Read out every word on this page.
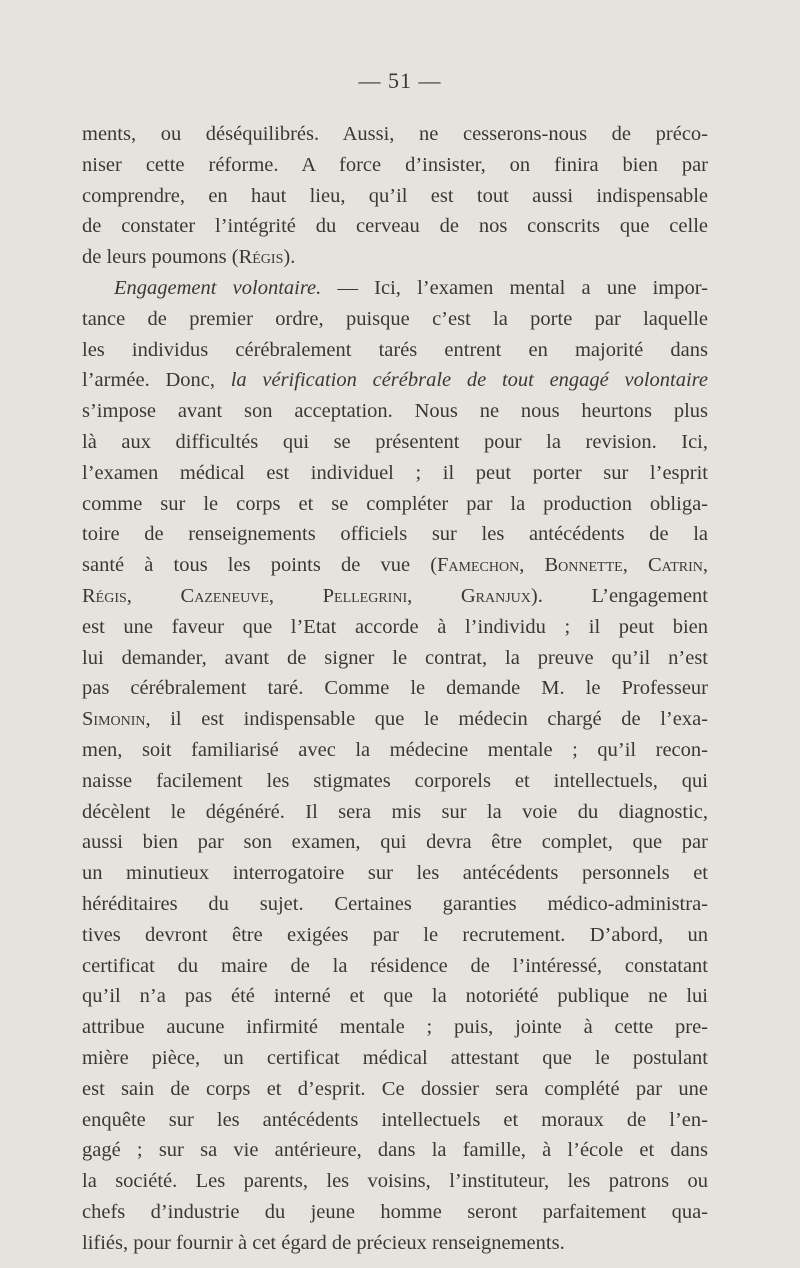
— 51 —
ments, ou déséquilibrés. Aussi, ne cesserons-nous de préco-
niser cette réforme. A force d’insister, on finira bien par
comprendre, en haut lieu, qu’il est tout aussi indispensable
de constater l’intégrité du cerveau de nos conscrits que celle
de leurs poumons (Régis).
Engagement volontaire. — Ici, l’examen mental a une impor-
tance de premier ordre, puisque c’est la porte par laquelle
les individus cérébralement tarés entrent en majorité dans
l’armée. Donc, la vérification cérébrale de tout engagé volontaire
s’impose avant son acceptation. Nous ne nous heurtons plus
là aux difficultés qui se présentent pour la revision. Ici,
l’examen médical est individuel ; il peut porter sur l’esprit
comme sur le corps et se compléter par la production obliga-
toire de renseignements officiels sur les antécédents de la
santé à tous les points de vue (Famechon, Bonnette, Catrin,
Régis, Cazeneuve, Pellegrini, Granjux). L’engagement
est une faveur que l’Etat accorde à l’individu ; il peut bien
lui demander, avant de signer le contrat, la preuve qu’il n’est
pas cérébralement taré. Comme le demande M. le Professeur
Simonin, il est indispensable que le médecin chargé de l’exa-
men, soit familiarisé avec la médecine mentale ; qu’il recon-
naisse facilement les stigmates corporels et intellectuels, qui
décèlent le dégénéré. Il sera mis sur la voie du diagnostic,
aussi bien par son examen, qui devra être complet, que par
un minutieux interrogatoire sur les antécédents personnels et
héréditaires du sujet. Certaines garanties médico-administra-
tives devront être exigées par le recrutement. D’abord, un
certificat du maire de la résidence de l’intéressé, constatant
qu’il n’a pas été interné et que la notoriété publique ne lui
attribue aucune infirmité mentale ; puis, jointe à cette pre-
mière pièce, un certificat médical attestant que le postulant
est sain de corps et d’esprit. Ce dossier sera complété par une
enquête sur les antécédents intellectuels et moraux de l’en-
gagé ; sur sa vie antérieure, dans la famille, à l’école et dans
la société. Les parents, les voisins, l’instituteur, les patrons ou
chefs d’industrie du jeune homme seront parfaitement qua-
lifiés, pour fournir à cet égard de précieux renseignements.
